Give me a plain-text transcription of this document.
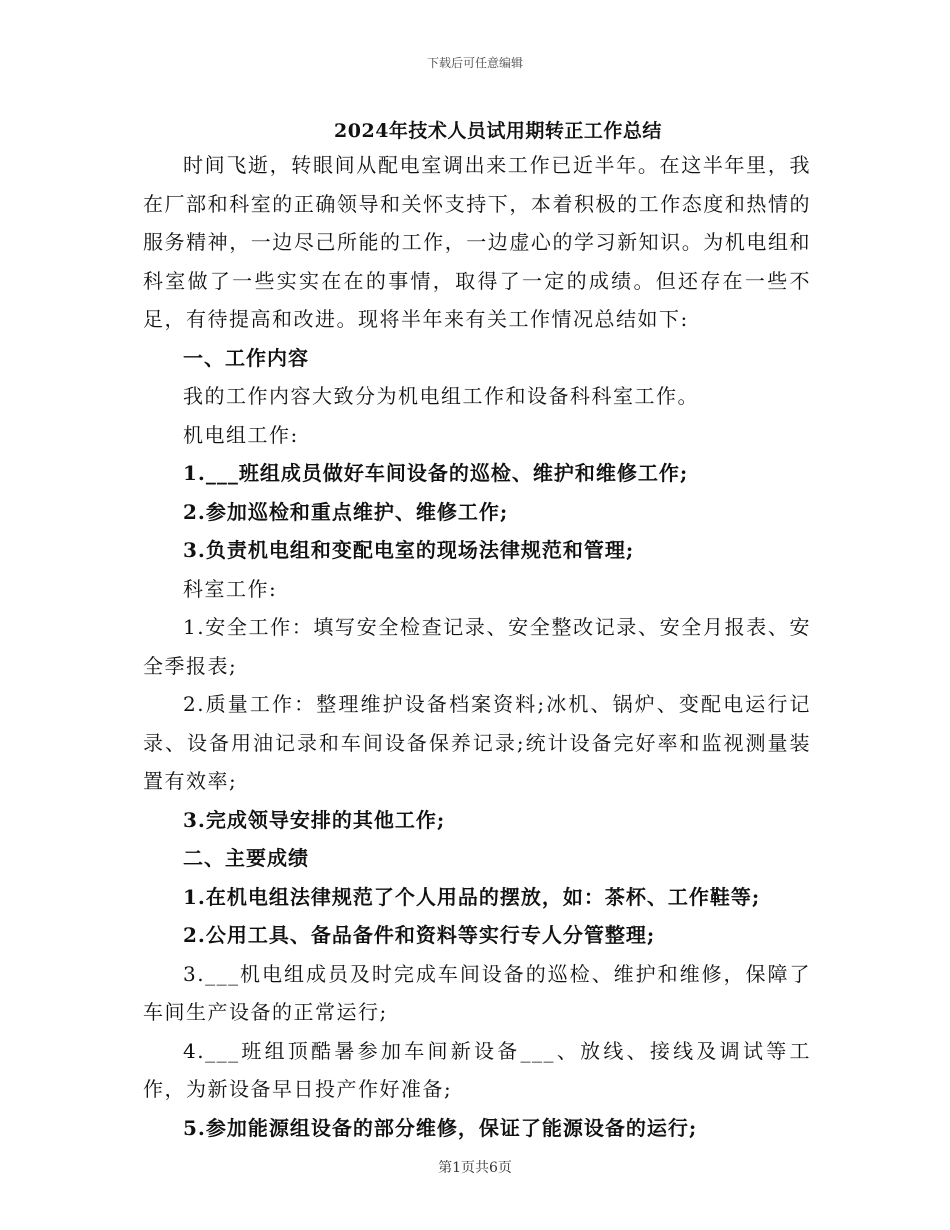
下载后可任意编辑
2024年技术人员试用期转正工作总结

时间飞逝，转眼间从配电室调出来工作已近半年。在这半年里，我在厂部和科室的正确领导和关怀支持下，本着积极的工作态度和热情的服务精神，一边尽己所能的工作，一边虚心的学习新知识。为机电组和科室做了一些实实在在的事情，取得了一定的成绩。但还存在一些不足，有待提高和改进。现将半年来有关工作情况总结如下:

一、工作内容

我的工作内容大致分为机电组工作和设备科科室工作。

机电组工作:

1.___班组成员做好车间设备的巡检、维护和维修工作;

2.参加巡检和重点维护、维修工作;

3.负责机电组和变配电室的现场法律规范和管理;

科室工作:

1.安全工作：填写安全检查记录、安全整改记录、安全月报表、安全季报表;

2.质量工作：整理维护设备档案资料;冰机、锅炉、变配电运行记录、设备用油记录和车间设备保养记录;统计设备完好率和监视测量装置有效率;

3.完成领导安排的其他工作;

二、主要成绩

1.在机电组法律规范了个人用品的摆放，如：茶杯、工作鞋等;

2.公用工具、备品备件和资料等实行专人分管整理;

3.___机电组成员及时完成车间设备的巡检、维护和维修，保障了车间生产设备的正常运行;

4.___班组顶酷暑参加车间新设备___、放线、接线及调试等工作，为新设备早日投产作好准备;

5.参加能源组设备的部分维修，保证了能源设备的运行;

第1页共6页
